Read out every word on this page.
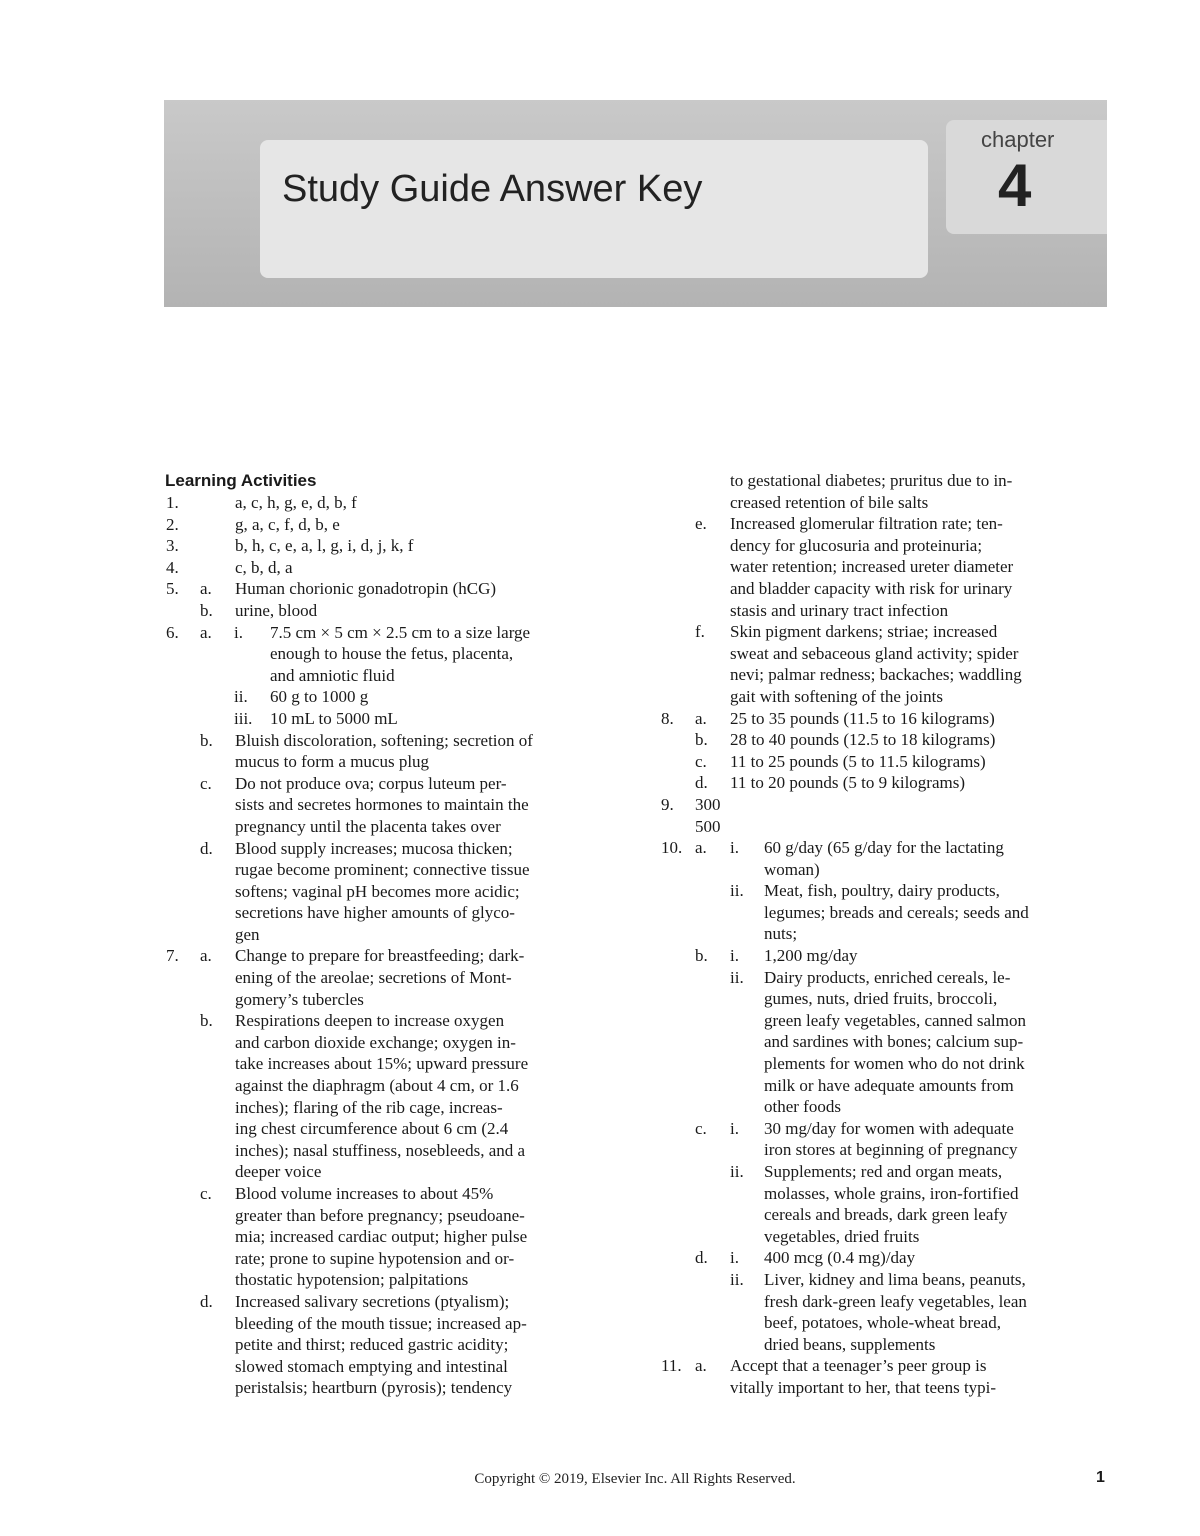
Study Guide Answer Key
chapter
4
Learning Activities
1.	a, c, h, g, e, d, b, f
2.	g, a, c, f, d, b, e
3.	b, h, c, e, a, l, g, i, d, j, k, f
4.	c, b, d, a
5. a. Human chorionic gonadotropin (hCG)
b. urine, blood
6. a. i. 7.5 cm × 5 cm × 2.5 cm to a size large
enough to house the fetus, placenta,
and amniotic fluid
ii. 60 g to 1000 g
iii. 10 mL to 5000 mL
b. Bluish discoloration, softening; secretion of
mucus to form a mucus plug
c. Do not produce ova; corpus luteum per-
sists and secretes hormones to maintain the
pregnancy until the placenta takes over
d. Blood supply increases; mucosa thicken;
rugae become prominent; connective tissue
softens; vaginal pH becomes more acidic;
secretions have higher amounts of glyco-
gen
7. a. Change to prepare for breastfeeding; dark-
ening of the areolae; secretions of Mont-
gomery’s tubercles
b. Respirations deepen to increase oxygen
and carbon dioxide exchange; oxygen in-
take increases about 15%; upward pressure
against the diaphragm (about 4 cm, or 1.6
inches); flaring of the rib cage, increas-
ing chest circumference about 6 cm (2.4
inches); nasal stuffiness, nosebleeds, and a
deeper voice
c. Blood volume increases to about 45%
greater than before pregnancy; pseudoane-
mia; increased cardiac output; higher pulse
rate; prone to supine hypotension and or-
thostatic hypotension; palpitations
d. Increased salivary secretions (ptyalism);
bleeding of the mouth tissue; increased ap-
petite and thirst; reduced gastric acidity;
slowed stomach emptying and intestinal
peristalsis; heartburn (pyrosis); tendency
to gestational diabetes; pruritus due to in-
creased retention of bile salts
e. Increased glomerular filtration rate; ten-
dency for glucosuria and proteinuria;
water retention; increased ureter diameter
and bladder capacity with risk for urinary
stasis and urinary tract infection
f. Skin pigment darkens; striae; increased
sweat and sebaceous gland activity; spider
nevi; palmar redness; backaches; waddling
gait with softening of the joints
8. a. 25 to 35 pounds (11.5 to 16 kilograms)
b. 28 to 40 pounds (12.5 to 18 kilograms)
c. 11 to 25 pounds (5 to 11.5 kilograms)
d. 11 to 20 pounds (5 to 9 kilograms)
9. 300
500
10. a. i. 60 g/day (65 g/day for the lactating
woman)
ii. Meat, fish, poultry, dairy products,
legumes; breads and cereals; seeds and
nuts;
b. i. 1,200 mg/day
ii. Dairy products, enriched cereals, le-
gumes, nuts, dried fruits, broccoli,
green leafy vegetables, canned salmon
and sardines with bones; calcium sup-
plements for women who do not drink
milk or have adequate amounts from
other foods
c. i. 30 mg/day for women with adequate
iron stores at beginning of pregnancy
ii. Supplements; red and organ meats,
molasses, whole grains, iron-fortified
cereals and breads, dark green leafy
vegetables, dried fruits
d. i. 400 mcg (0.4 mg)/day
ii. Liver, kidney and lima beans, peanuts,
fresh dark-green leafy vegetables, lean
beef, potatoes, whole-wheat bread,
dried beans, supplements
11. a. Accept that a teenager’s peer group is
vitally important to her, that teens typi-
Copyright © 2019, Elsevier Inc. All Rights Reserved.	1
